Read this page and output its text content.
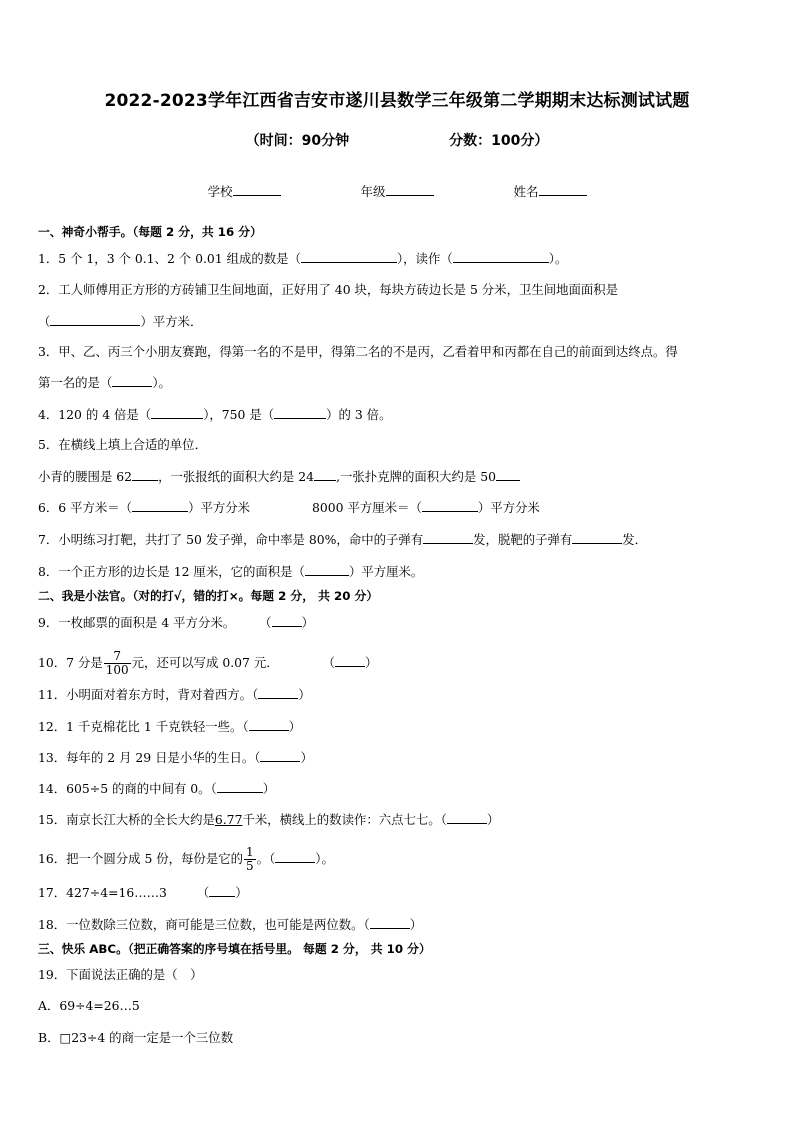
2022-2023学年江西省吉安市遂川县数学三年级第二学期期末达标测试试题
（时间：90分钟	分数：100分）
学校	年级	姓名
一、神奇小帮手。（每题 2 分，共 16 分）
1．5 个 1，3 个 0.1、2 个 0.01 组成的数是（	），读作（	）。
2．工人师傅用正方形的方砖铺卫生间地面，正好用了 40 块，每块方砖边长是 5 分米，卫生间地面面积是
（	）平方米．
3．甲、乙、丙三个小朋友赛跑，得第一名的不是甲，得第二名的不是丙，乙看着甲和丙都在自己的前面到达终点。得
第一名的是（	）。
4．120 的 4 倍是（	），750 是（	）的 3 倍。
5．在横线上填上合适的单位．
小青的腰围是 62 ，一张报纸的面积大约是 24 ,一张扑克牌的面积大约是 50
6．6 平方米＝（	）平方分米	8000 平方厘米＝（	）平方分米
7．小明练习打靶，共打了 50 发子弹，命中率是 80%，命中的子弹有	发，脱靶的子弹有	发．
8．一个正方形的边长是 12 厘米，它的面积是（	）平方厘米。
二、我是小法官。（对的打√，错的打×。每题 2 分， 共 20 分）
9．一枚邮票的面积是 4 平方分米。 （ ）
10．7 分是 $\frac{7}{100}$ 元，还可以写成 0.07 元．	（ ）
11．小明面对着东方时，背对着西方。（	）
12．1 千克棉花比 1 千克铁轻一些。（	）
13．每年的 2 月 29 日是小华的生日。（	）
14．605÷5 的商的中间有 0。（	）
15．南京长江大桥的全长大约是6.77千米，横线上的数读作：六点七七。（	）
16．把一个圆分成 5 份，每份是它的 $\frac{1}{5}$ 。（	）。
17．427÷4=16……3 （ ）
18．一位数除三位数，商可能是三位数，也可能是两位数。（	）
三、快乐 ABC。（把正确答案的序号填在括号里。 每题 2 分， 共 10 分）
19．下面说法正确的是（　）
A．69÷4=26…5
B．□23÷4 的商一定是一个三位数
